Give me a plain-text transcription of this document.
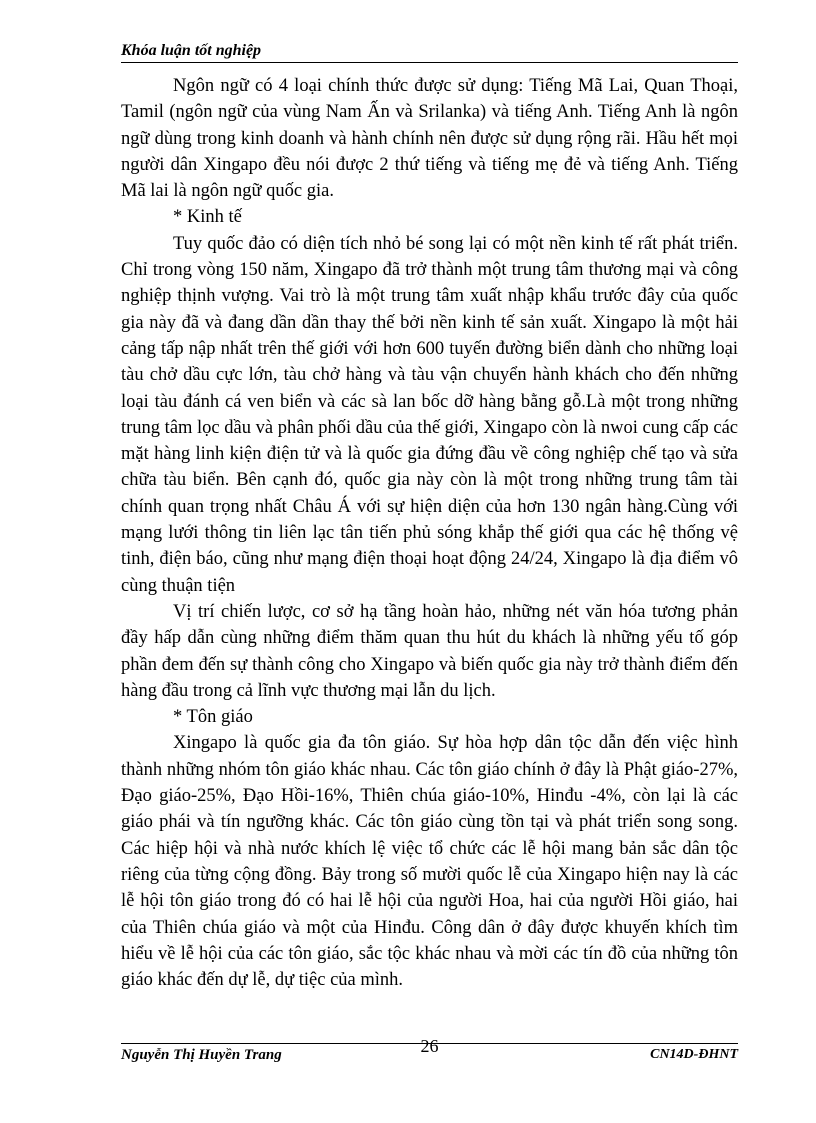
Khóa luận tốt nghiệp

Ngôn ngữ có 4 loại chính thức được sử dụng: Tiếng Mã Lai, Quan Thoại, Tamil (ngôn ngữ của vùng Nam Ấn và Srilanka) và tiếng Anh. Tiếng Anh là ngôn ngữ dùng trong kinh doanh và hành chính nên được sử dụng rộng rãi. Hầu hết mọi người dân Xingapo đều nói được 2 thứ tiếng và tiếng mẹ đẻ và tiếng Anh. Tiếng Mã lai là ngôn ngữ quốc gia.

* Kinh tế

Tuy quốc đảo có diện tích nhỏ bé song lại có một nền kinh tế rất phát triển. Chỉ trong vòng 150 năm, Xingapo đã trở thành một trung tâm thương mại và công nghiệp thịnh vượng. Vai trò là một trung tâm xuất nhập khẩu trước đây của quốc gia này đã và đang dần dần thay thế bởi nền kinh tế sản xuất. Xingapo là một hải cảng tấp nập nhất trên thế giới với hơn 600 tuyến đường biển dành cho những loại tàu chở dầu cực lớn, tàu chở hàng và tàu vận chuyển hành khách cho đến những loại tàu đánh cá ven biển và các sà lan bốc dỡ hàng bằng gỗ.Là một trong những trung tâm lọc dầu và phân phối dầu của thế giới, Xingapo còn là nwoi cung cấp các mặt hàng linh kiện điện tử và là quốc gia đứng đầu về công nghiệp chế tạo và sửa chữa tàu biển. Bên cạnh đó, quốc gia này còn là một trong những trung tâm tài chính quan trọng nhất Châu Á với sự hiện diện của hơn 130 ngân hàng.Cùng với mạng lưới thông tin liên lạc tân tiến phủ sóng khắp thế giới qua các hệ thống vệ tinh, điện báo, cũng như mạng điện thoại hoạt động 24/24, Xingapo là địa điểm vô cùng thuận tiện

Vị trí chiến lược, cơ sở hạ tầng hoàn hảo, những nét văn hóa tương phản đầy hấp dẫn cùng những điểm thăm quan thu hút du khách là những yếu tố góp phần đem đến sự thành công cho Xingapo và biến quốc gia này trở thành điểm đến hàng đầu trong cả lĩnh vực thương mại lẫn du lịch.

* Tôn giáo

Xingapo là quốc gia đa tôn giáo. Sự hòa hợp dân tộc dẫn đến việc hình thành những nhóm tôn giáo khác nhau. Các tôn giáo chính ở đây là Phật giáo-27%, Đạo giáo-25%, Đạo Hồi-16%, Thiên chúa giáo-10%, Hinđu -4%, còn lại là các giáo phái và tín ngưỡng khác. Các tôn giáo cùng tồn tại và phát triển song song. Các hiệp hội và nhà nước khích lệ việc tổ chức các lễ hội mang bản sắc dân tộc riêng của từng cộng đồng. Bảy trong số mười quốc lễ của Xingapo hiện nay là các lễ hội tôn giáo trong đó có hai lễ hội của người Hoa, hai của người Hồi giáo, hai của Thiên chúa giáo và một của Hinđu. Công dân ở đây được khuyến khích tìm hiểu về lễ hội của các tôn giáo, sắc tộc khác nhau và mời các tín đồ của những tôn giáo khác đến dự lễ, dự tiệc của mình.

Nguyễn Thị Huyền Trang	26	CN14D-ĐHNT
